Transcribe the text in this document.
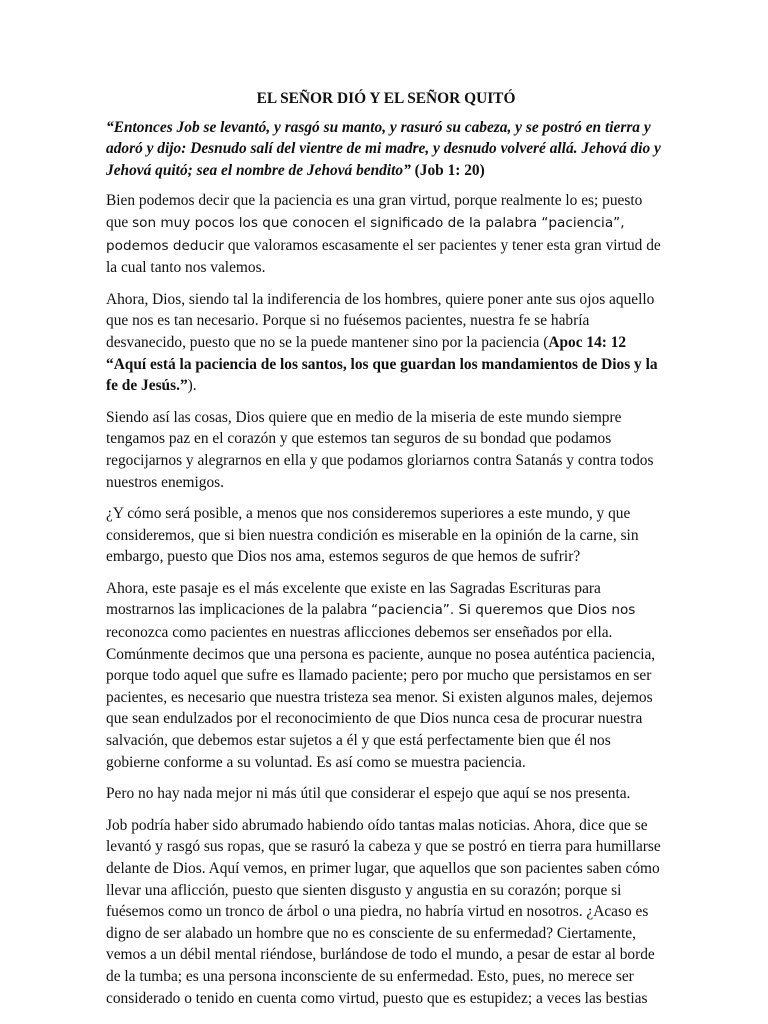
EL SEÑOR DIÓ Y EL SEÑOR QUITÓ

“Entonces Job se levantó, y rasgó su manto, y rasuró su cabeza, y se postró en tierra y adoró y dijo: Desnudo salí del vientre de mi madre, y desnudo volveré allá. Jehová dio y Jehová quitó; sea el nombre de Jehová bendito” (Job 1: 20)

Bien podemos decir que la paciencia es una gran virtud, porque realmente lo es; puesto que son muy pocos los que conocen el significado de la palabra “paciencia”, podemos deducir que valoramos escasamente el ser pacientes y tener esta gran virtud de la cual tanto nos valemos.

Ahora, Dios, siendo tal la indiferencia de los hombres, quiere poner ante sus ojos aquello que nos es tan necesario. Porque si no fuésemos pacientes, nuestra fe se habría desvanecido, puesto que no se la puede mantener sino por la paciencia (Apoc 14: 12 “Aquí está la paciencia de los santos, los que guardan los mandamientos de Dios y la fe de Jesús.”).

Siendo así las cosas, Dios quiere que en medio de la miseria de este mundo siempre tengamos paz en el corazón y que estemos tan seguros de su bondad que podamos regocijarnos y alegrarnos en ella y que podamos gloriarnos contra Satanás y contra todos nuestros enemigos.

¿Y cómo será posible, a menos que nos consideremos superiores a este mundo, y que consideremos, que si bien nuestra condición es miserable en la opinión de la carne, sin embargo, puesto que Dios nos ama, estemos seguros de que hemos de sufrir?

Ahora, este pasaje es el más excelente que existe en las Sagradas Escrituras para mostrarnos las implicaciones de la palabra “paciencia”. Si queremos que Dios nos reconozca como pacientes en nuestras aflicciones debemos ser enseñados por ella. Comúnmente decimos que una persona es paciente, aunque no posea auténtica paciencia, porque todo aquel que sufre es llamado paciente; pero por mucho que persistamos en ser pacientes, es necesario que nuestra tristeza sea menor. Si existen algunos males, dejemos que sean endulzados por el reconocimiento de que Dios nunca cesa de procurar nuestra salvación, que debemos estar sujetos a él y que está perfectamente bien que él nos gobierne conforme a su voluntad. Es así como se muestra paciencia.

Pero no hay nada mejor ni más útil que considerar el espejo que aquí se nos presenta.

Job podría haber sido abrumado habiendo oído tantas malas noticias. Ahora, dice que se levantó y rasgó sus ropas, que se rasuró la cabeza y que se postró en tierra para humillarse delante de Dios. Aquí vemos, en primer lugar, que aquellos que son pacientes saben cómo llevar una aflicción, puesto que sienten disgusto y angustia en su corazón; porque si fuésemos como un tronco de árbol o una piedra, no habría virtud en nosotros. ¿Acaso es digno de ser alabado un hombre que no es consciente de su enfermedad? Ciertamente, vemos a un débil mental riéndose, burlándose de todo el mundo, a pesar de estar al borde de la tumba; es una persona inconsciente de su enfermedad. Esto, pues, no merece ser considerado o tenido en cuenta como virtud, puesto que es estupidez; a veces las bestias
